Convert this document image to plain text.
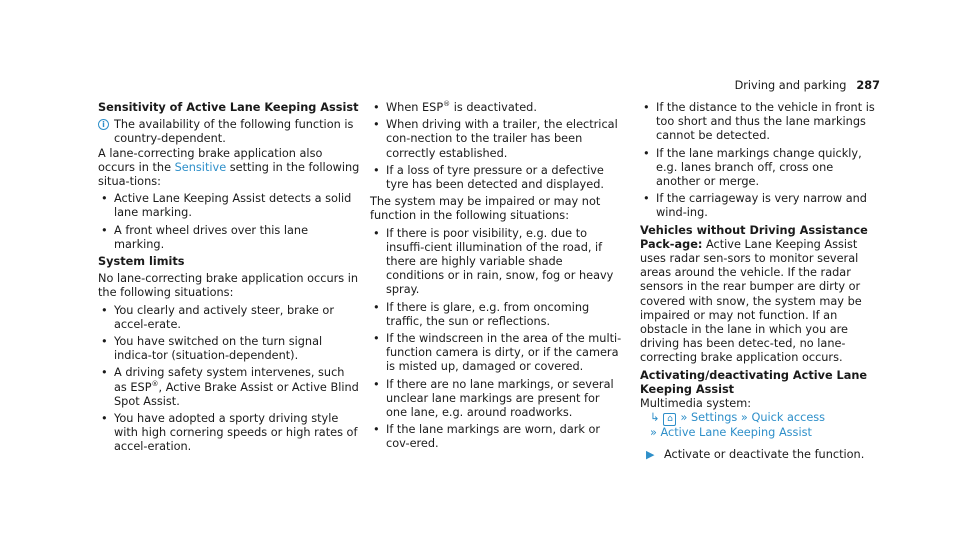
Driving and parking 287

Sensitivity of Active Lane Keeping Assist

i The availability of the following function is country-dependent.

A lane-correcting brake application also occurs in the Sensitive setting in the following situa-tions:

• Active Lane Keeping Assist detects a solid lane marking.

• A front wheel drives over this lane marking.

System limits

No lane-correcting brake application occurs in the following situations:

• You clearly and actively steer, brake or accel-erate.

• You have switched on the turn signal indica-tor (situation-dependent).

• A driving safety system intervenes, such as ESP®, Active Brake Assist or Active Blind Spot Assist.

• You have adopted a sporty driving style with high cornering speeds or high rates of accel-eration.

• When ESP® is deactivated.

• When driving with a trailer, the electrical con-nection to the trailer has been correctly established.

• If a loss of tyre pressure or a defective tyre has been detected and displayed.

The system may be impaired or may not function in the following situations:

• If there is poor visibility, e.g. due to insuffi-cient illumination of the road, if there are highly variable shade conditions or in rain, snow, fog or heavy spray.

• If there is glare, e.g. from oncoming traffic, the sun or reflections.

• If the windscreen in the area of the multi-function camera is dirty, or if the camera is misted up, damaged or covered.

• If there are no lane markings, or several unclear lane markings are present for one lane, e.g. around roadworks.

• If the lane markings are worn, dark or cov-ered.

• If the distance to the vehicle in front is too short and thus the lane markings cannot be detected.

• If the lane markings change quickly, e.g. lanes branch off, cross one another or merge.

• If the carriageway is very narrow and wind-ing.

Vehicles without Driving Assistance Pack-age: Active Lane Keeping Assist uses radar sen-sors to monitor several areas around the vehicle. If the radar sensors in the rear bumper are dirty or covered with snow, the system may be impaired or may not function. If an obstacle in the lane in which you are driving has been detec-ted, no lane-correcting brake application occurs.

Activating/deactivating Active Lane Keeping Assist

Multimedia system:

↳ ⌂ » Settings » Quick access

» Active Lane Keeping Assist

▶ Activate or deactivate the function.
